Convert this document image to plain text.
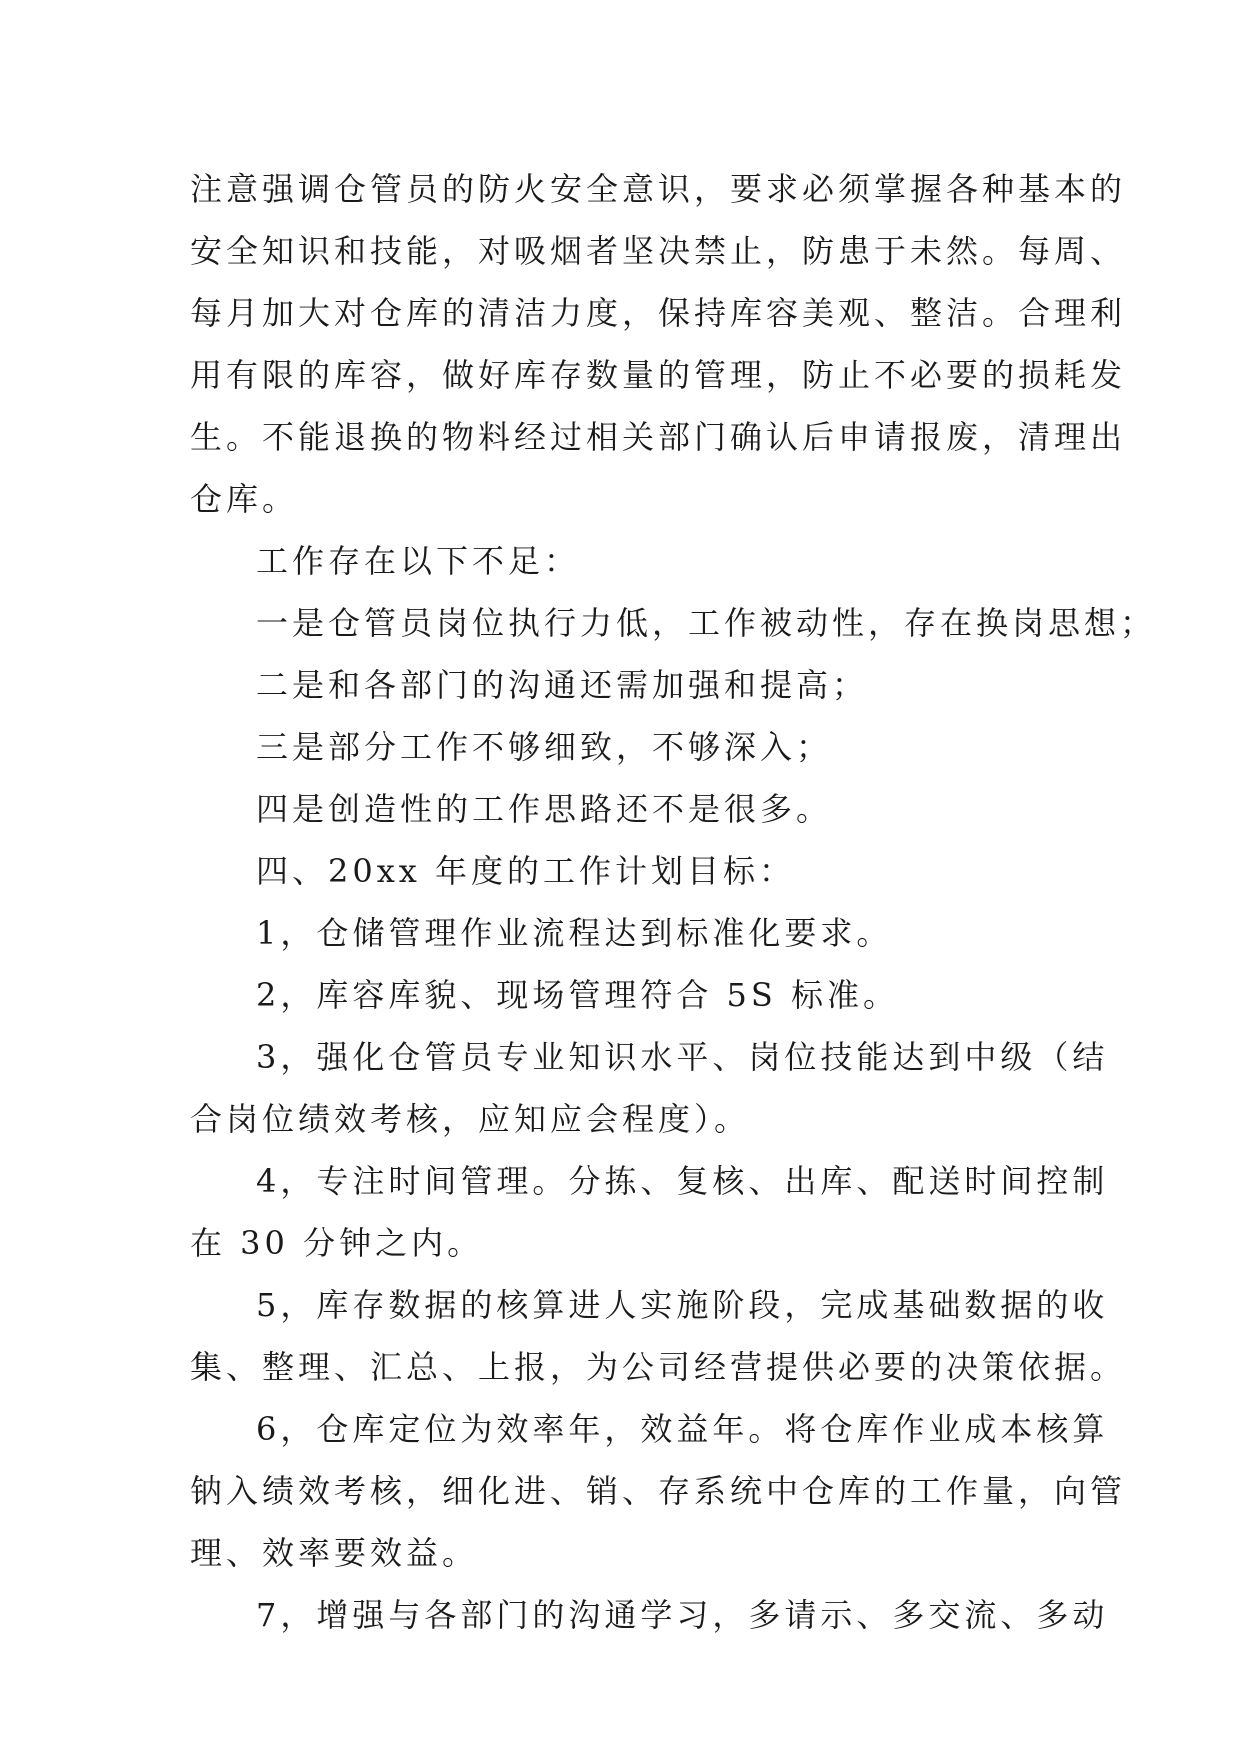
注意强调仓管员的防火安全意识，要求必须掌握各种基本的
安全知识和技能，对吸烟者坚决禁止，防患于未然。每周、
每月加大对仓库的清洁力度，保持库容美观、整洁。合理利
用有限的库容，做好库存数量的管理，防止不必要的损耗发
生。不能退换的物料经过相关部门确认后申请报废，清理出
仓库。
工作存在以下不足：
一是仓管员岗位执行力低，工作被动性，存在换岗思想；
二是和各部门的沟通还需加强和提高；
三是部分工作不够细致，不够深入；
四是创造性的工作思路还不是很多。
四、20xx 年度的工作计划目标：
1，仓储管理作业流程达到标准化要求。
2，库容库貌、现场管理符合 5S 标准。
3，强化仓管员专业知识水平、岗位技能达到中级（结
合岗位绩效考核，应知应会程度）。
4，专注时间管理。分拣、复核、出库、配送时间控制
在 30 分钟之内。
5，库存数据的核算进人实施阶段，完成基础数据的收
集、整理、汇总、上报，为公司经营提供必要的决策依据。
6，仓库定位为效率年，效益年。将仓库作业成本核算
钠入绩效考核，细化进、销、存系统中仓库的工作量，向管
理、效率要效益。
7，增强与各部门的沟通学习，多请示、多交流、多动
